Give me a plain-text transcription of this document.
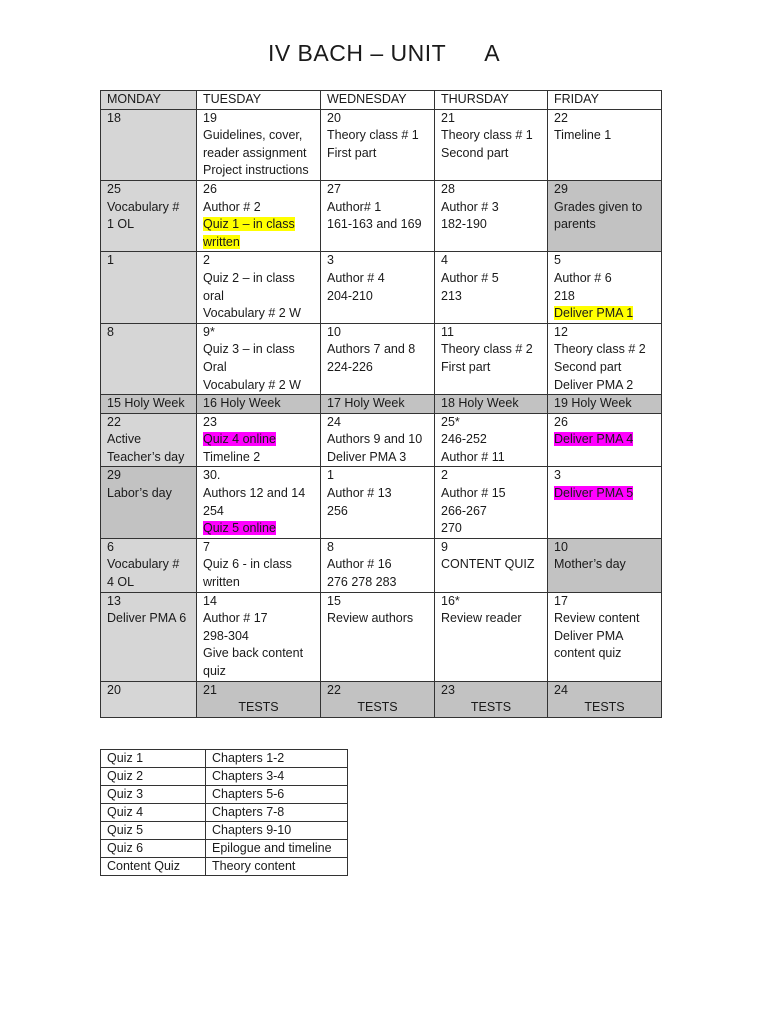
IV BACH – UNIT A
MONDAY	TUESDAY	WEDNESDAY	THURSDAY	FRIDAY

18	19
Guidelines, cover,
reader assignment
Project instructions	20
Theory class # 1
First part	21
Theory class # 1
Second part	22
Timeline 1

25
Vocabulary #
1 OL	26
Author # 2
Quiz 1 – in class
written	27
Author# 1
161-163 and 169	28
Author # 3
182-190	29
Grades given to
parents

1	2
Quiz 2 – in class
oral
Vocabulary # 2 W	3
Author # 4
204-210	4
Author # 5
213	5
Author # 6
218
Deliver PMA 1

8	9*
Quiz 3 – in class
Oral
Vocabulary # 2 W	10
Authors 7 and 8
224-226	11
Theory class # 2
First part	12
Theory class # 2
Second part
Deliver PMA 2

15 Holy Week	16 Holy Week	17 Holy Week	18 Holy Week	19 Holy Week

22
Active
Teacher’s day	23
Quiz 4 online
Timeline 2	24
Authors 9 and 10
Deliver PMA 3	25*
246-252
Author # 11	26
Deliver PMA 4

29
Labor’s day	30.
Authors 12 and 14
254
Quiz 5 online	1
Author # 13
256	2
Author # 15
266-267
270	3
Deliver PMA 5

6
Vocabulary #
4 OL	7
Quiz 6 - in class
written	8
Author # 16
276 278 283	9
CONTENT QUIZ	10
Mother’s day

13
Deliver PMA 6	14
Author # 17
298-304
Give back content
quiz	15
Review authors	16*
Review reader	17
Review content
Deliver PMA
content quiz

20	21
TESTS	22
TESTS	23
TESTS	24
TESTS
Quiz 1	Chapters 1-2
Quiz 2	Chapters 3-4
Quiz 3	Chapters 5-6
Quiz 4	Chapters 7-8
Quiz 5	Chapters 9-10
Quiz 6	Epilogue and timeline
Content Quiz	Theory content
